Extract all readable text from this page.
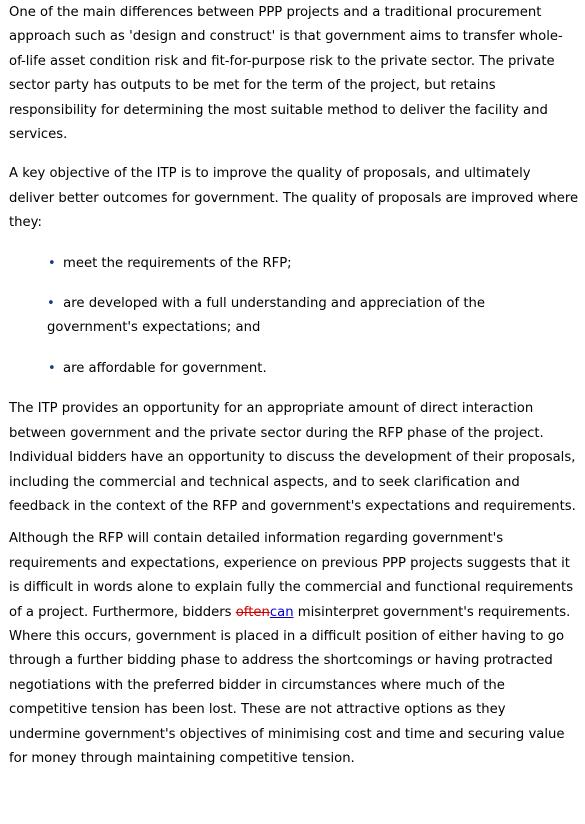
One of the main differences between PPP projects and a traditional procurement approach such as 'design and construct' is that government aims to transfer whole-of-life asset condition risk and fit-for-purpose risk to the private sector. The private sector party has outputs to be met for the term of the project, but retains responsibility for determining the most suitable method to deliver the facility and services.

A key objective of the ITP is to improve the quality of proposals, and ultimately deliver better outcomes for government. The quality of proposals are improved where they:

• meet the requirements of the RFP;
• are developed with a full understanding and appreciation of the government's expectations; and
• are affordable for government.

The ITP provides an opportunity for an appropriate amount of direct interaction between government and the private sector during the RFP phase of the project. Individual bidders have an opportunity to discuss the development of their proposals, including the commercial and technical aspects, and to seek clarification and feedback in the context of the RFP and government's expectations and requirements.

Although the RFP will contain detailed information regarding government's requirements and expectations, experience on previous PPP projects suggests that it is difficult in words alone to explain fully the commercial and functional requirements of a project. Furthermore, bidders oftencan misinterpret government's requirements. Where this occurs, government is placed in a difficult position of either having to go through a further bidding phase to address the shortcomings or having protracted negotiations with the preferred bidder in circumstances where much of the competitive tension has been lost. These are not attractive options as they undermine government's objectives of minimising cost and time and securing value for money through maintaining competitive tension.
